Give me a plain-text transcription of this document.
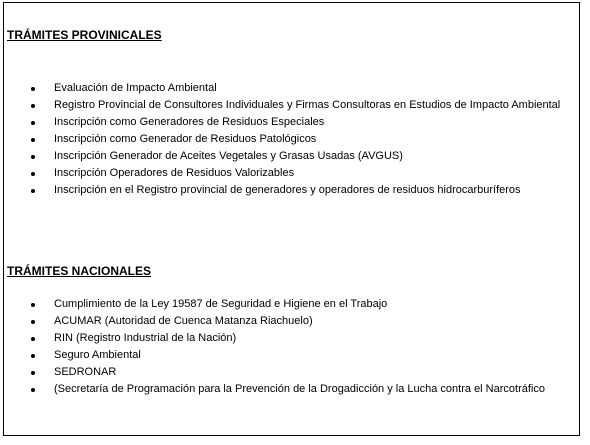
TRÁMITES PROVINICALES
Evaluación de Impacto Ambiental
Registro Provincial de Consultores Individuales y Firmas Consultoras en Estudios de Impacto Ambiental
Inscripción como Generadores de Residuos Especiales
Inscripción como Generador de Residuos Patológicos
Inscripción Generador de Aceites Vegetales y Grasas Usadas (AVGUS)
Inscripción Operadores de Residuos Valorizables
Inscripción en el Registro provincial de generadores y operadores de residuos hidrocarburíferos
TRÁMITES NACIONALES
Cumplimiento de la Ley 19587 de Seguridad e Higiene en el Trabajo
ACUMAR (Autoridad de Cuenca Matanza Riachuelo)
RIN (Registro Industrial de la Nación)
Seguro Ambiental
SEDRONAR
(Secretaría de Programación para la Prevención de la Drogadicción y la Lucha contra el Narcotráfico
